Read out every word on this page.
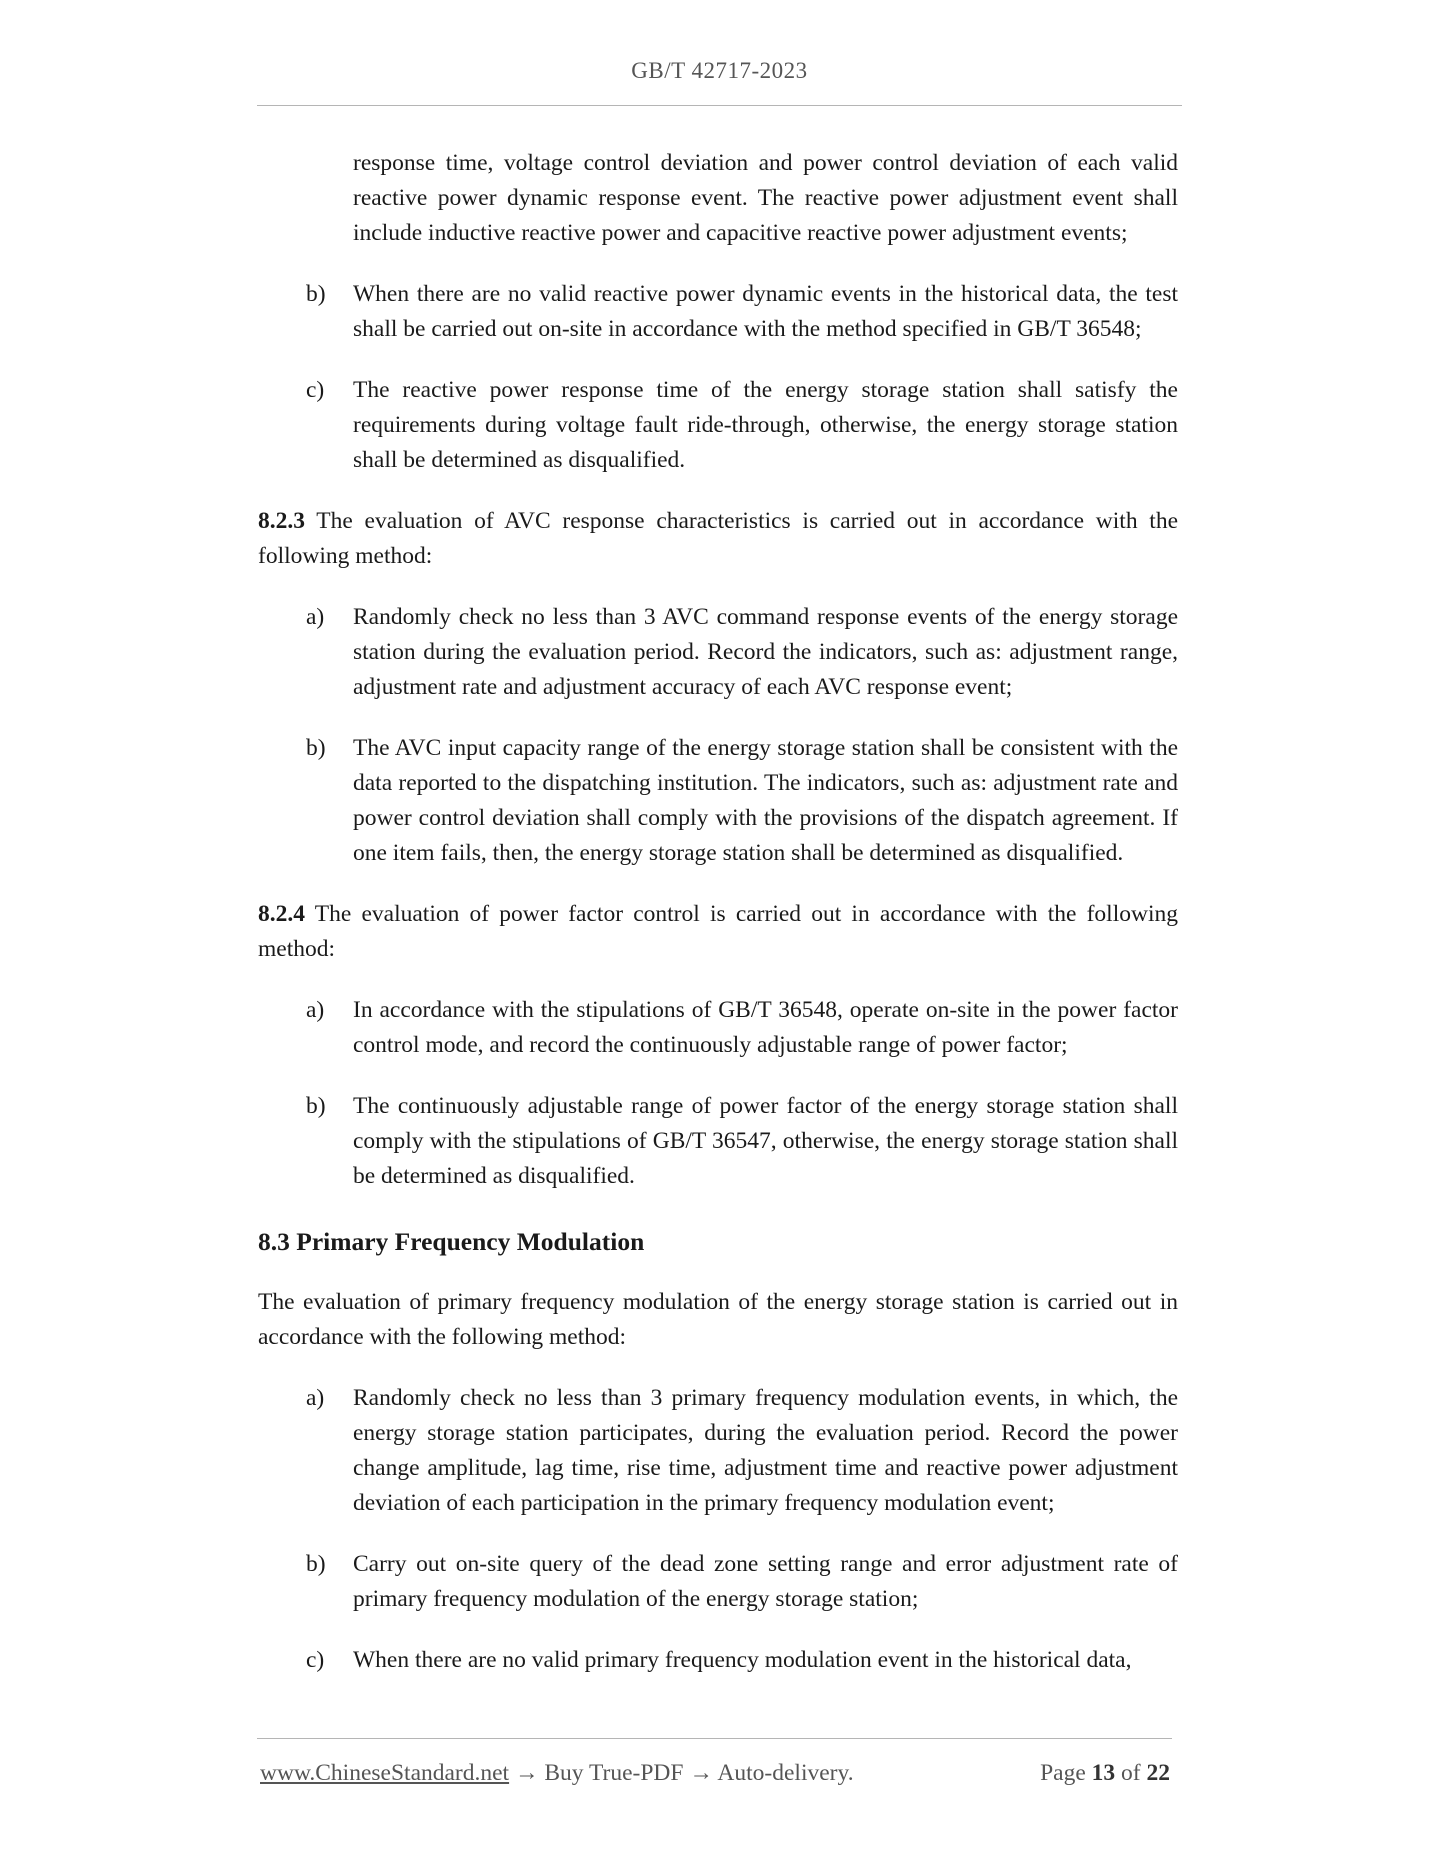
GB/T 42717-2023
response time, voltage control deviation and power control deviation of each valid reactive power dynamic response event. The reactive power adjustment event shall include inductive reactive power and capacitive reactive power adjustment events;
b) When there are no valid reactive power dynamic events in the historical data, the test shall be carried out on-site in accordance with the method specified in GB/T 36548;
c) The reactive power response time of the energy storage station shall satisfy the requirements during voltage fault ride-through, otherwise, the energy storage station shall be determined as disqualified.
8.2.3 The evaluation of AVC response characteristics is carried out in accordance with the following method:
a) Randomly check no less than 3 AVC command response events of the energy storage station during the evaluation period. Record the indicators, such as: adjustment range, adjustment rate and adjustment accuracy of each AVC response event;
b) The AVC input capacity range of the energy storage station shall be consistent with the data reported to the dispatching institution. The indicators, such as: adjustment rate and power control deviation shall comply with the provisions of the dispatch agreement. If one item fails, then, the energy storage station shall be determined as disqualified.
8.2.4 The evaluation of power factor control is carried out in accordance with the following method:
a) In accordance with the stipulations of GB/T 36548, operate on-site in the power factor control mode, and record the continuously adjustable range of power factor;
b) The continuously adjustable range of power factor of the energy storage station shall comply with the stipulations of GB/T 36547, otherwise, the energy storage station shall be determined as disqualified.
8.3 Primary Frequency Modulation
The evaluation of primary frequency modulation of the energy storage station is carried out in accordance with the following method:
a) Randomly check no less than 3 primary frequency modulation events, in which, the energy storage station participates, during the evaluation period. Record the power change amplitude, lag time, rise time, adjustment time and reactive power adjustment deviation of each participation in the primary frequency modulation event;
b) Carry out on-site query of the dead zone setting range and error adjustment rate of primary frequency modulation of the energy storage station;
c) When there are no valid primary frequency modulation event in the historical data,
www.ChineseStandard.net → Buy True-PDF → Auto-delivery.	Page 13 of 22
